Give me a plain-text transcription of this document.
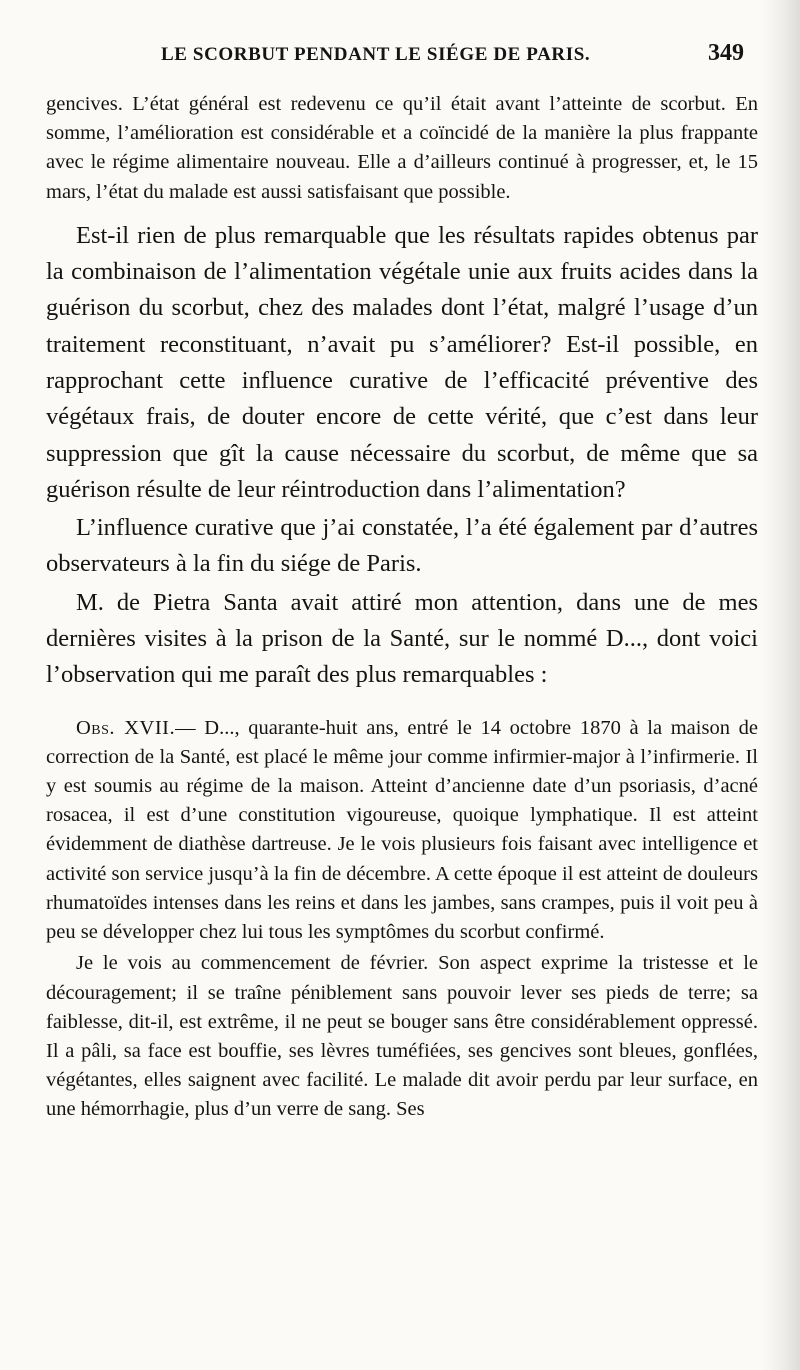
LE SCORBUT PENDANT LE SIÉGE DE PARIS.	349

gencives. L’état général est redevenu ce qu’il était avant l’atteinte de scorbut. En somme, l’amélioration est considérable et a coïncidé de la manière la plus frappante avec le régime alimentaire nouveau. Elle a d’ailleurs continué à progresser, et, le 15 mars, l’état du malade est aussi satisfaisant que possible.

Est-il rien de plus remarquable que les résultats rapides obtenus par la combinaison de l’alimentation végétale unie aux fruits acides dans la guérison du scorbut, chez des malades dont l’état, malgré l’usage d’un traitement reconstituant, n’avait pu s’améliorer? Est-il possible, en rapprochant cette influence curative de l’efficacité préventive des végétaux frais, de douter encore de cette vérité, que c’est dans leur suppression que gît la cause nécessaire du scorbut, de même que sa guérison résulte de leur réintroduction dans l’alimentation?

L’influence curative que j’ai constatée, l’a été également par d’autres observateurs à la fin du siége de Paris.

M. de Pietra Santa avait attiré mon attention, dans une de mes dernières visites à la prison de la Santé, sur le nommé D..., dont voici l’observation qui me paraît des plus remarquables :

Obs. XVII.— D..., quarante-huit ans, entré le 14 octobre 1870 à la maison de correction de la Santé, est placé le même jour comme infirmier-major à l’infirmerie. Il y est soumis au régime de la maison. Atteint d’ancienne date d’un psoriasis, d’acné rosacea, il est d’une constitution vigoureuse, quoique lymphatique. Il est atteint évidemment de diathèse dartreuse. Je le vois plusieurs fois faisant avec intelligence et activité son service jusqu’à la fin de décembre. A cette époque il est atteint de douleurs rhumatoïdes intenses dans les reins et dans les jambes, sans crampes, puis il voit peu à peu se développer chez lui tous les symptômes du scorbut confirmé.

Je le vois au commencement de février. Son aspect exprime la tristesse et le découragement; il se traîne péniblement sans pouvoir lever ses pieds de terre; sa faiblesse, dit-il, est extrême, il ne peut se bouger sans être considérablement oppressé. Il a pâli, sa face est bouffie, ses lèvres tuméfiées, ses gencives sont bleues, gonflées, végétantes, elles saignent avec facilité. Le malade dit avoir perdu par leur surface, en une hémorrhagie, plus d’un verre de sang. Ses
